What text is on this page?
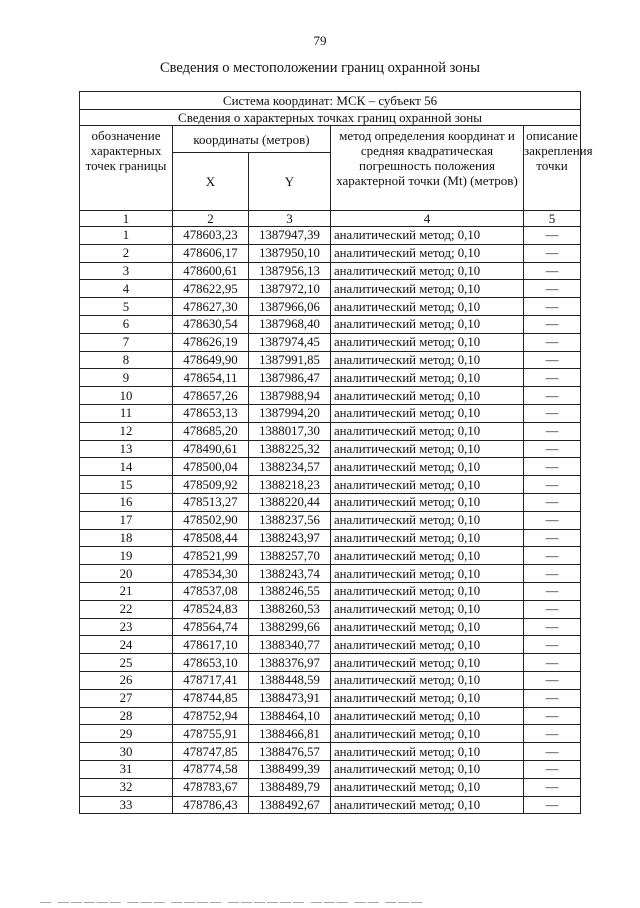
79
Сведения о местоположении границ охранной зоны
Система координат: МСК – субъект 56				
Сведения о характерных точках границ охранной зоны				
обозначение характерных точек границы	координаты (метров)		метод определения координат и средняя квадратическая погрешность положения характерной точки (Mt) (метров)	описание закрепления точки
	X	Y		
1	2	3	4	5
1	478603,23	1387947,39	аналитический метод; 0,10	—
2	478606,17	1387950,10	аналитический метод; 0,10	—
3	478600,61	1387956,13	аналитический метод; 0,10	—
4	478622,95	1387972,10	аналитический метод; 0,10	—
5	478627,30	1387966,06	аналитический метод; 0,10	—
6	478630,54	1387968,40	аналитический метод; 0,10	—
7	478626,19	1387974,45	аналитический метод; 0,10	—
8	478649,90	1387991,85	аналитический метод; 0,10	—
9	478654,11	1387986,47	аналитический метод; 0,10	—
10	478657,26	1387988,94	аналитический метод; 0,10	—
11	478653,13	1387994,20	аналитический метод; 0,10	—
12	478685,20	1388017,30	аналитический метод; 0,10	—
13	478490,61	1388225,32	аналитический метод; 0,10	—
14	478500,04	1388234,57	аналитический метод; 0,10	—
15	478509,92	1388218,23	аналитический метод; 0,10	—
16	478513,27	1388220,44	аналитический метод; 0,10	—
17	478502,90	1388237,56	аналитический метод; 0,10	—
18	478508,44	1388243,97	аналитический метод; 0,10	—
19	478521,99	1388257,70	аналитический метод; 0,10	—
20	478534,30	1388243,74	аналитический метод; 0,10	—
21	478537,08	1388246,55	аналитический метод; 0,10	—
22	478524,83	1388260,53	аналитический метод; 0,10	—
23	478564,74	1388299,66	аналитический метод; 0,10	—
24	478617,10	1388340,77	аналитический метод; 0,10	—
25	478653,10	1388376,97	аналитический метод; 0,10	—
26	478717,41	1388448,59	аналитический метод; 0,10	—
27	478744,85	1388473,91	аналитический метод; 0,10	—
28	478752,94	1388464,10	аналитический метод; 0,10	—
29	478755,91	1388466,81	аналитический метод; 0,10	—
30	478747,85	1388476,57	аналитический метод; 0,10	—
31	478774,58	1388499,39	аналитический метод; 0,10	—
32	478783,67	1388489,79	аналитический метод; 0,10	—
33	478786,43	1388492,67	аналитический метод; 0,10	—
— ————— ——— ———— —————— ——— —— ———
